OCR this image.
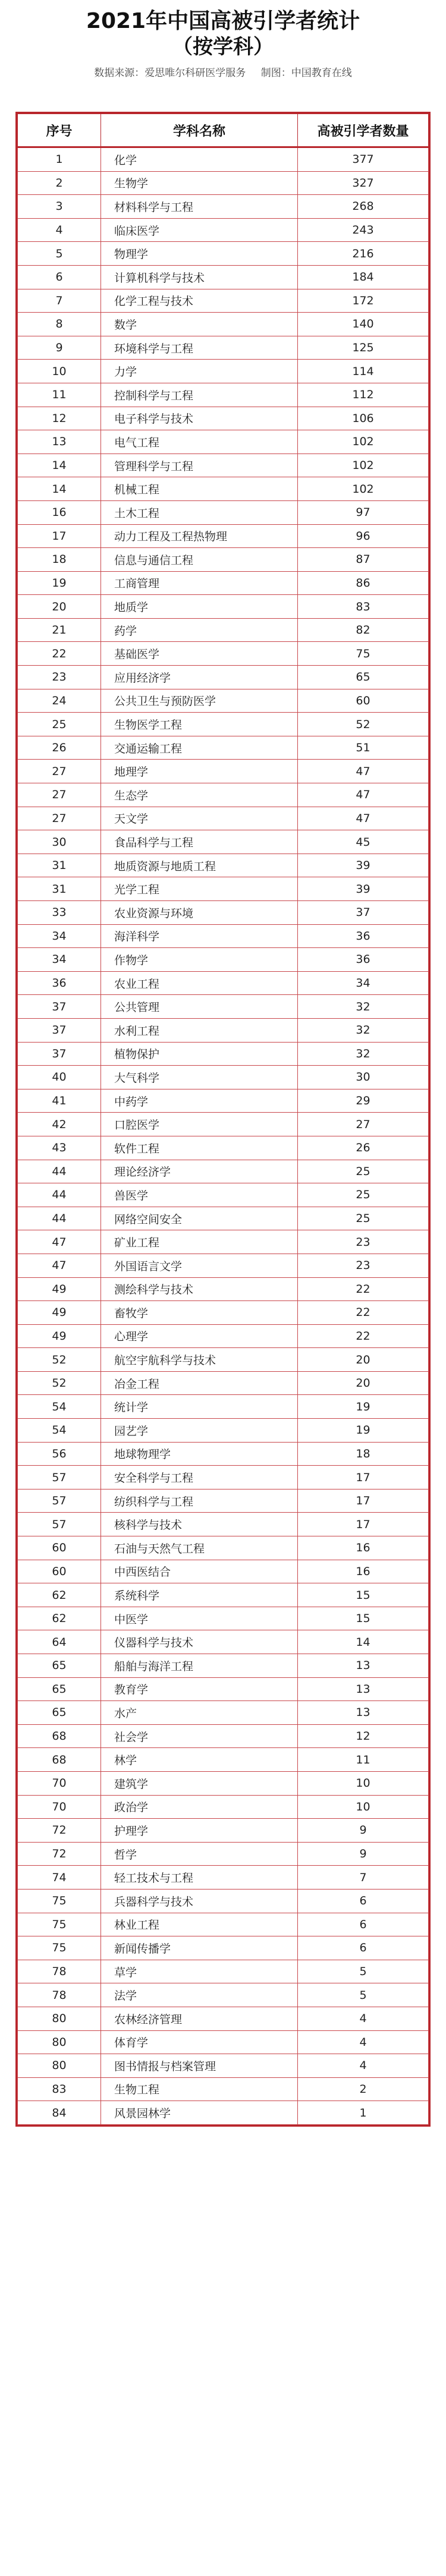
2021年中国高被引学者统计
（按学科）
数据来源：爱思唯尔科研医学服务 制图：中国教育在线
序号	学科名称	高被引学者数量
1	化学	377
2	生物学	327
3	材料科学与工程	268
4	临床医学	243
5	物理学	216
6	计算机科学与技术	184
7	化学工程与技术	172
8	数学	140
9	环境科学与工程	125
10	力学	114
11	控制科学与工程	112
12	电子科学与技术	106
13	电气工程	102
14	管理科学与工程	102
14	机械工程	102
16	土木工程	97
17	动力工程及工程热物理	96
18	信息与通信工程	87
19	工商管理	86
20	地质学	83
21	药学	82
22	基础医学	75
23	应用经济学	65
24	公共卫生与预防医学	60
25	生物医学工程	52
26	交通运输工程	51
27	地理学	47
27	生态学	47
27	天文学	47
30	食品科学与工程	45
31	地质资源与地质工程	39
31	光学工程	39
33	农业资源与环境	37
34	海洋科学	36
34	作物学	36
36	农业工程	34
37	公共管理	32
37	水利工程	32
37	植物保护	32
40	大气科学	30
41	中药学	29
42	口腔医学	27
43	软件工程	26
44	理论经济学	25
44	兽医学	25
44	网络空间安全	25
47	矿业工程	23
47	外国语言文学	23
49	测绘科学与技术	22
49	畜牧学	22
49	心理学	22
52	航空宇航科学与技术	20
52	冶金工程	20
54	统计学	19
54	园艺学	19
56	地球物理学	18
57	安全科学与工程	17
57	纺织科学与工程	17
57	核科学与技术	17
60	石油与天然气工程	16
60	中西医结合	16
62	系统科学	15
62	中医学	15
64	仪器科学与技术	14
65	船舶与海洋工程	13
65	教育学	13
65	水产	13
68	社会学	12
68	林学	11
70	建筑学	10
70	政治学	10
72	护理学	9
72	哲学	9
74	轻工技术与工程	7
75	兵器科学与技术	6
75	林业工程	6
75	新闻传播学	6
78	草学	5
78	法学	5
80	农林经济管理	4
80	体育学	4
80	图书情报与档案管理	4
83	生物工程	2
84	风景园林学	1
